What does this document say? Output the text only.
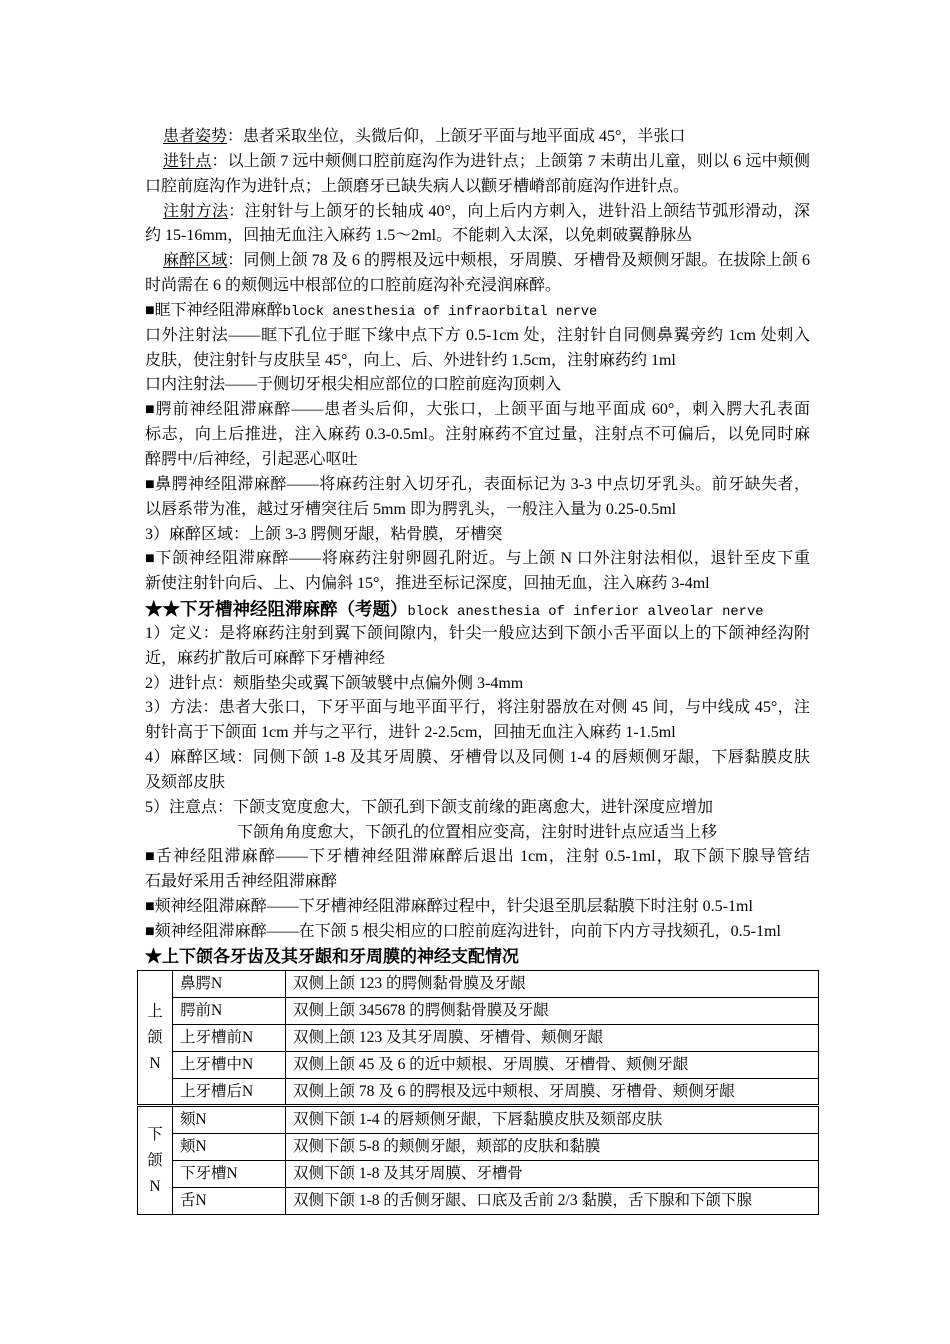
患者姿势：患者采取坐位，头微后仰，上颌牙平面与地平面成 45°，半张口
进针点：以上颌 7 远中颊侧口腔前庭沟作为进针点；上颌第 7 未萌出儿童，则以 6 远中颊侧
口腔前庭沟作为进针点；上颌磨牙已缺失病人以颧牙槽嵴部前庭沟作进针点。
注射方法：注射针与上颌牙的长轴成 40°，向上后内方刺入，进针沿上颌结节弧形滑动，深
约 15-16mm，回抽无血注入麻药 1.5～2ml。不能刺入太深，以免刺破翼静脉丛
麻醉区域：同侧上颌 78 及 6 的腭根及远中颊根，牙周膜、牙槽骨及颊侧牙龈。在拔除上颌 6
时尚需在 6 的颊侧远中根部位的口腔前庭沟补充浸润麻醉。
■眶下神经阻滞麻醉block anesthesia of infraorbital nerve
口外注射法——眶下孔位于眶下缘中点下方 0.5-1cm 处，注射针自同侧鼻翼旁约 1cm 处刺入
皮肤，使注射针与皮肤呈 45°，向上、后、外进针约 1.5cm，注射麻药约 1ml
口内注射法——于侧切牙根尖相应部位的口腔前庭沟顶刺入
■腭前神经阻滞麻醉——患者头后仰，大张口，上颌平面与地平面成 60°，刺入腭大孔表面
标志，向上后推进，注入麻药 0.3-0.5ml。注射麻药不宜过量，注射点不可偏后，以免同时麻
醉腭中/后神经，引起恶心呕吐
■鼻腭神经阻滞麻醉——将麻药注射入切牙孔，表面标记为 3-3 中点切牙乳头。前牙缺失者，
以唇系带为准，越过牙槽突往后 5mm 即为腭乳头，一般注入量为 0.25-0.5ml
3）麻醉区域：上颌 3-3 腭侧牙龈，粘骨膜，牙槽突
■下颌神经阻滞麻醉——将麻药注射卵圆孔附近。与上颌 N 口外注射法相似，退针至皮下重
新使注射针向后、上、内偏斜 15°，推进至标记深度，回抽无血，注入麻药 3-4ml
★★下牙槽神经阻滞麻醉（考题）block anesthesia of inferior alveolar nerve
1）定义：是将麻药注射到翼下颌间隙内，针尖一般应达到下颌小舌平面以上的下颌神经沟附
近，麻药扩散后可麻醉下牙槽神经
2）进针点：颊脂垫尖或翼下颌皱襞中点偏外侧 3-4mm
3）方法：患者大张口，下牙平面与地平面平行，将注射器放在对侧 45 间，与中线成 45°，注
射针高于下颌面 1cm 并与之平行，进针 2-2.5cm，回抽无血注入麻药 1-1.5ml
4）麻醉区域：同侧下颌 1-8 及其牙周膜、牙槽骨以及同侧 1-4 的唇颊侧牙龈，下唇黏膜皮肤
及颏部皮肤
5）注意点：下颌支宽度愈大，下颌孔到下颌支前缘的距离愈大，进针深度应增加
下颌角角度愈大，下颌孔的位置相应变高，注射时进针点应适当上移
■舌神经阻滞麻醉——下牙槽神经阻滞麻醉后退出 1cm，注射 0.5-1ml，取下颌下腺导管结
石最好采用舌神经阻滞麻醉
■颊神经阻滞麻醉——下牙槽神经阻滞麻醉过程中，针尖退至肌层黏膜下时注射 0.5-1ml
■颏神经阻滞麻醉——在下颌 5 根尖相应的口腔前庭沟进针，向前下内方寻找颏孔，0.5-1ml
★上下颌各牙齿及其牙龈和牙周膜的神经支配情况
上颌N	鼻腭N	双侧上颌 123 的腭侧黏骨膜及牙龈
	腭前N	双侧上颌 345678 的腭侧黏骨膜及牙龈
	上牙槽前N	双侧上颌 123 及其牙周膜、牙槽骨、颊侧牙龈
	上牙槽中N	双侧上颌 45 及 6 的近中颊根、牙周膜、牙槽骨、颊侧牙龈
	上牙槽后N	双侧上颌 78 及 6 的腭根及远中颊根、牙周膜、牙槽骨、颊侧牙龈
下颌N	颏N	双侧下颌 1-4 的唇颊侧牙龈，下唇黏膜皮肤及颏部皮肤
	颊N	双侧下颌 5-8 的颊侧牙龈，颊部的皮肤和黏膜
	下牙槽N	双侧下颌 1-8 及其牙周膜、牙槽骨
	舌N	双侧下颌 1-8 的舌侧牙龈、口底及舌前 2/3 黏膜，舌下腺和下颌下腺
